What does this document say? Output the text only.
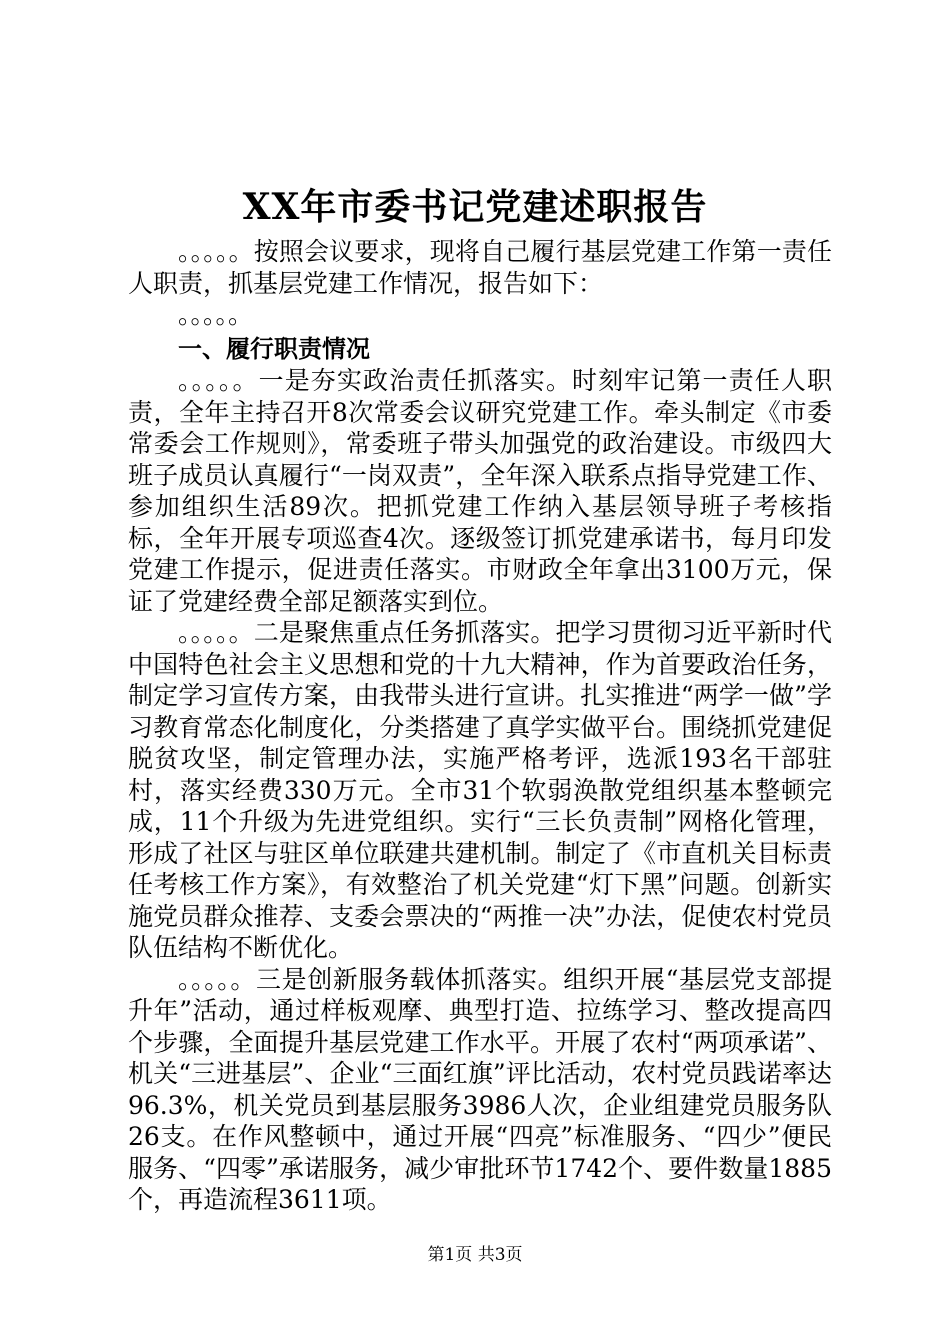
XX年市委书记党建述职报告

。。。。。按照会议要求，现将自己履行基层党建工作第一责任人职责，抓基层党建工作情况，报告如下：

。。。。。

一、履行职责情况

。。。。。一是夯实政治责任抓落实。时刻牢记第一责任人职责，全年主持召开8次常委会议研究党建工作。牵头制定《市委常委会工作规则》，常委班子带头加强党的政治建设。市级四大班子成员认真履行“一岗双责”，全年深入联系点指导党建工作、参加组织生活89次。把抓党建工作纳入基层领导班子考核指标，全年开展专项巡查4次。逐级签订抓党建承诺书，每月印发党建工作提示，促进责任落实。市财政全年拿出3100万元，保证了党建经费全部足额落实到位。

。。。。。二是聚焦重点任务抓落实。把学习贯彻习近平新时代中国特色社会主义思想和党的十九大精神，作为首要政治任务，制定学习宣传方案，由我带头进行宣讲。扎实推进“两学一做”学习教育常态化制度化，分类搭建了真学实做平台。围绕抓党建促脱贫攻坚，制定管理办法，实施严格考评，选派193名干部驻村，落实经费330万元。全市31个软弱涣散党组织基本整顿完成，11个升级为先进党组织。实行“三长负责制”网格化管理，形成了社区与驻区单位联建共建机制。制定了《市直机关目标责任考核工作方案》，有效整治了机关党建“灯下黑”问题。创新实施党员群众推荐、支委会票决的“两推一决”办法，促使农村党员队伍结构不断优化。

。。。。。三是创新服务载体抓落实。组织开展“基层党支部提升年”活动，通过样板观摩、典型打造、拉练学习、整改提高四个步骤，全面提升基层党建工作水平。开展了农村“两项承诺”、机关“三进基层”、企业“三面红旗”评比活动，农村党员践诺率达96.3%，机关党员到基层服务3986人次，企业组建党员服务队26支。在作风整顿中，通过开展“四亮”标准服务、“四少”便民服务、“四零”承诺服务，减少审批环节1742个、要件数量1885个，再造流程3611项。

第1页 共3页
